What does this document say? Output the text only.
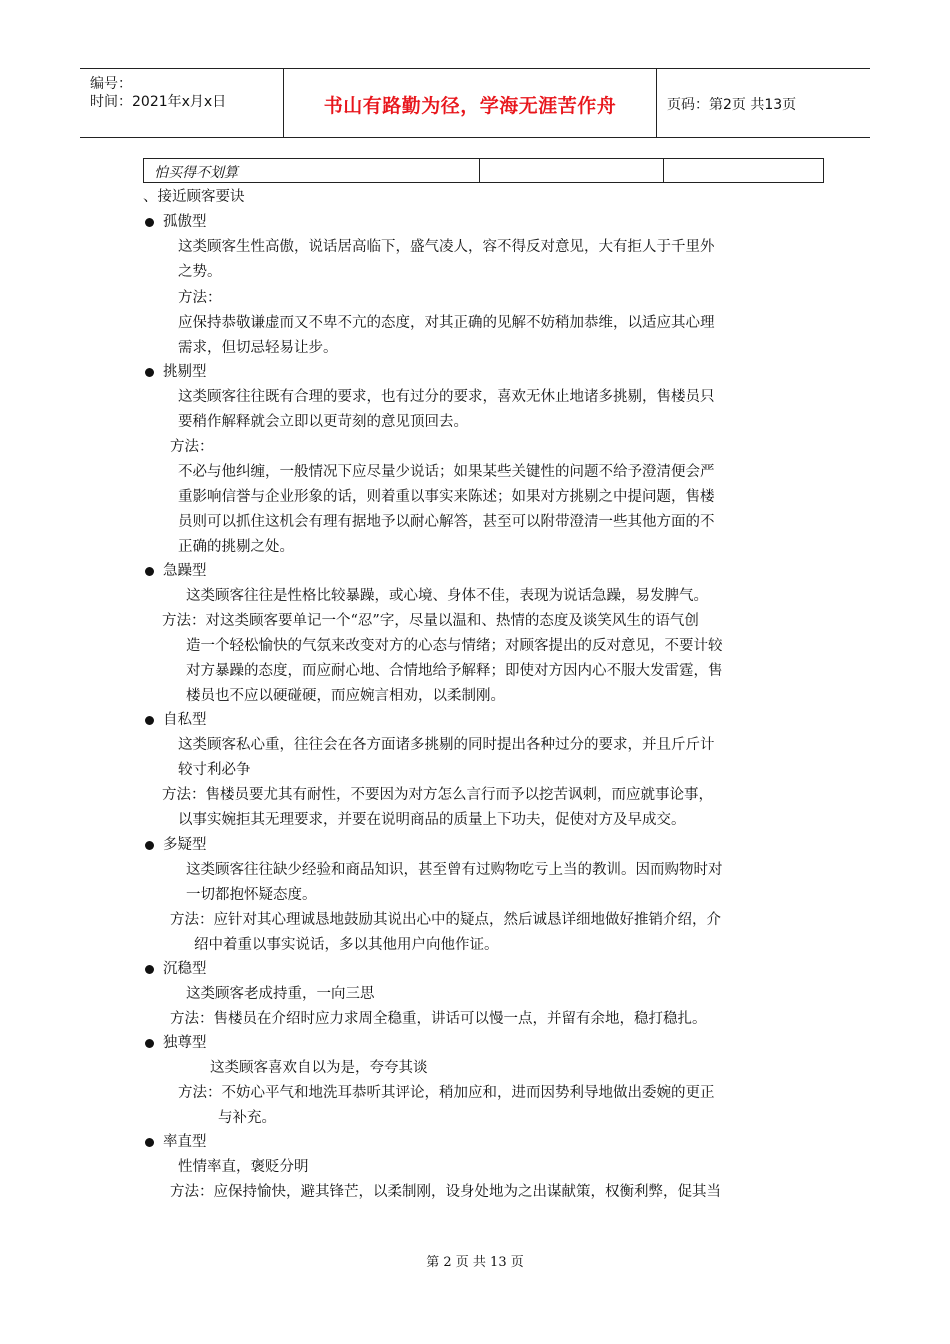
编号：
时间：2021年x月x日	书山有路勤为径，学海无涯苦作舟	页码：第2页 共13页
怕买得不划算
、接近顾客要诀
孤傲型
这类顾客生性高傲，说话居高临下，盛气凌人，容不得反对意见，大有拒人于千里外
之势。
方法：
应保持恭敬谦虚而又不卑不亢的态度，对其正确的见解不妨稍加恭维，以适应其心理
需求，但切忌轻易让步。
挑剔型
这类顾客往往既有合理的要求，也有过分的要求，喜欢无休止地诸多挑剔，售楼员只
要稍作解释就会立即以更苛刻的意见顶回去。
方法：
不必与他纠缠，一般情况下应尽量少说话；如果某些关键性的问题不给予澄清便会严
重影响信誉与企业形象的话，则着重以事实来陈述；如果对方挑剔之中提问题，售楼
员则可以抓住这机会有理有据地予以耐心解答，甚至可以附带澄清一些其他方面的不
正确的挑剔之处。
急躁型
这类顾客往往是性格比较暴躁，或心境、身体不佳，表现为说话急躁，易发脾气。
方法：对这类顾客要单记一个“忍”字，尽量以温和、热情的态度及谈笑风生的语气创
造一个轻松愉快的气氛来改变对方的心态与情绪；对顾客提出的反对意见，不要计较
对方暴躁的态度，而应耐心地、合情地给予解释；即使对方因内心不服大发雷霆，售
楼员也不应以硬碰硬，而应婉言相劝，以柔制刚。
自私型
这类顾客私心重，往往会在各方面诸多挑剔的同时提出各种过分的要求，并且斤斤计
较寸利必争
方法：售楼员要尤其有耐性，不要因为对方怎么言行而予以挖苦讽刺，而应就事论事，
以事实婉拒其无理要求，并要在说明商品的质量上下功夫，促使对方及早成交。
多疑型
这类顾客往往缺少经验和商品知识，甚至曾有过购物吃亏上当的教训。因而购物时对
一切都抱怀疑态度。
方法：应针对其心理诚恳地鼓励其说出心中的疑点，然后诚恳详细地做好推销介绍，介
绍中着重以事实说话，多以其他用户向他作证。
沉稳型
这类顾客老成持重，一向三思
方法：售楼员在介绍时应力求周全稳重，讲话可以慢一点，并留有余地，稳打稳扎。
独尊型
这类顾客喜欢自以为是，夸夸其谈
方法：不妨心平气和地洗耳恭听其评论，稍加应和，进而因势利导地做出委婉的更正
与补充。
率直型
性情率直，褒贬分明
方法：应保持愉快，避其锋芒，以柔制刚，设身处地为之出谋献策，权衡利弊，促其当
第 2 页 共 13 页
